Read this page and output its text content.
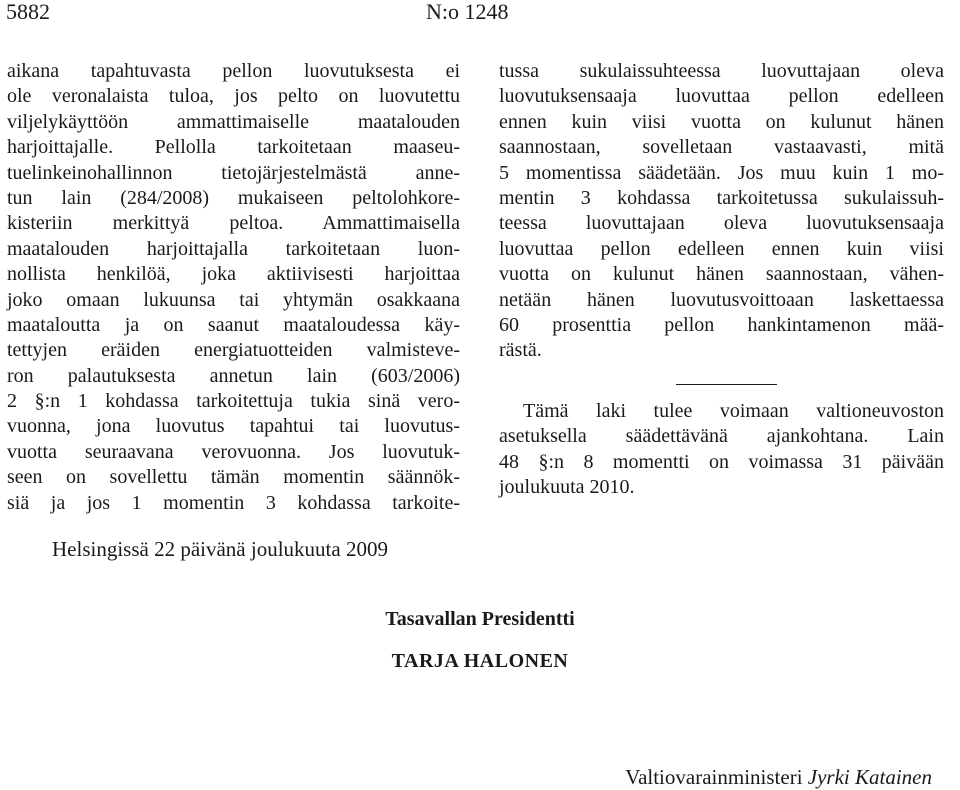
5882	N:o 1248
aikana tapahtuvasta pellon luovutuksesta ei
ole veronalaista tuloa, jos pelto on luovutettu
viljelykäyttöön ammattimaiselle maatalouden
harjoittajalle. Pellolla tarkoitetaan maaseu-
tuelinkeinohallinnon tietojärjestelmästä anne-
tun lain (284/2008) mukaiseen peltolohkore-
kisteriin merkittyä peltoa. Ammattimaisella
maatalouden harjoittajalla tarkoitetaan luon-
nollista henkilöä, joka aktiivisesti harjoittaa
joko omaan lukuunsa tai yhtymän osakkaana
maataloutta ja on saanut maataloudessa käy-
tettyjen eräiden energiatuotteiden valmisteve-
ron palautuksesta annetun lain (603/2006)
2 §:n 1 kohdassa tarkoitettuja tukia sinä vero-
vuonna, jona luovutus tapahtui tai luovutus-
vuotta seuraavana verovuonna. Jos luovutuk-
seen on sovellettu tämän momentin säännök-
siä ja jos 1 momentin 3 kohdassa tarkoite-
tussa sukulaissuhteessa luovuttajaan oleva
luovutuksensaaja luovuttaa pellon edelleen
ennen kuin viisi vuotta on kulunut hänen
saannostaan, sovelletaan vastaavasti, mitä
5 momentissa säädetään. Jos muu kuin 1 mo-
mentin 3 kohdassa tarkoitetussa sukulaissuh-
teessa luovuttajaan oleva luovutuksensaaja
luovuttaa pellon edelleen ennen kuin viisi
vuotta on kulunut hänen saannostaan, vähen-
netään hänen luovutusvoittoaan laskettaessa
60 prosenttia pellon hankintamenon mää-
rästä.
Tämä laki tulee voimaan valtioneuvoston
asetuksella säädettävänä ajankohtana. Lain
48 §:n 8 momentti on voimassa 31 päivään
joulukuuta 2010.
Helsingissä 22 päivänä joulukuuta 2009
Tasavallan Presidentti
TARJA HALONEN
Valtiovarainministeri Jyrki Katainen
